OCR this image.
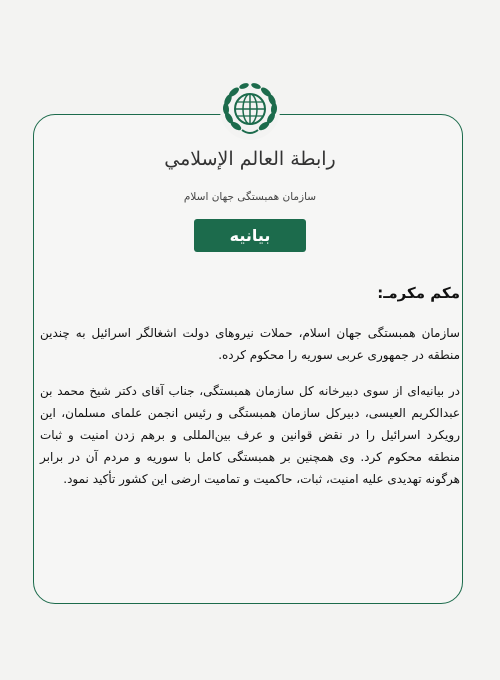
رابطة العالم الإسلامي
سازمان همبستگی جهان اسلام
بیانیه
مکم مکرمـ:

سازمان همبستگی جهان اسلام، حملات نیروهای دولت اشغالگر اسرائیل به چندین منطقه در جمهوری عربی سوریه را محکوم کرده.

در بیانیه‌ای از سوی دبیرخانه کل سازمان همبستگی، جناب آقای دکتر شیخ محمد بن عبدالکریم العیسی، دبیرکل سازمان همبستگی و رئیس انجمن علمای مسلمان، این رویکرد اسرائیل را در نقض قوانین و عرف بین‌المللی و برهم زدن امنیت و ثبات منطقه محکوم کرد. وی همچنین بر همبستگی کامل با سوریه و مردم آن در برابر هرگونه تهدیدی علیه امنیت، ثبات، حاکمیت و تمامیت ارضی این کشور تأکید نمود.
